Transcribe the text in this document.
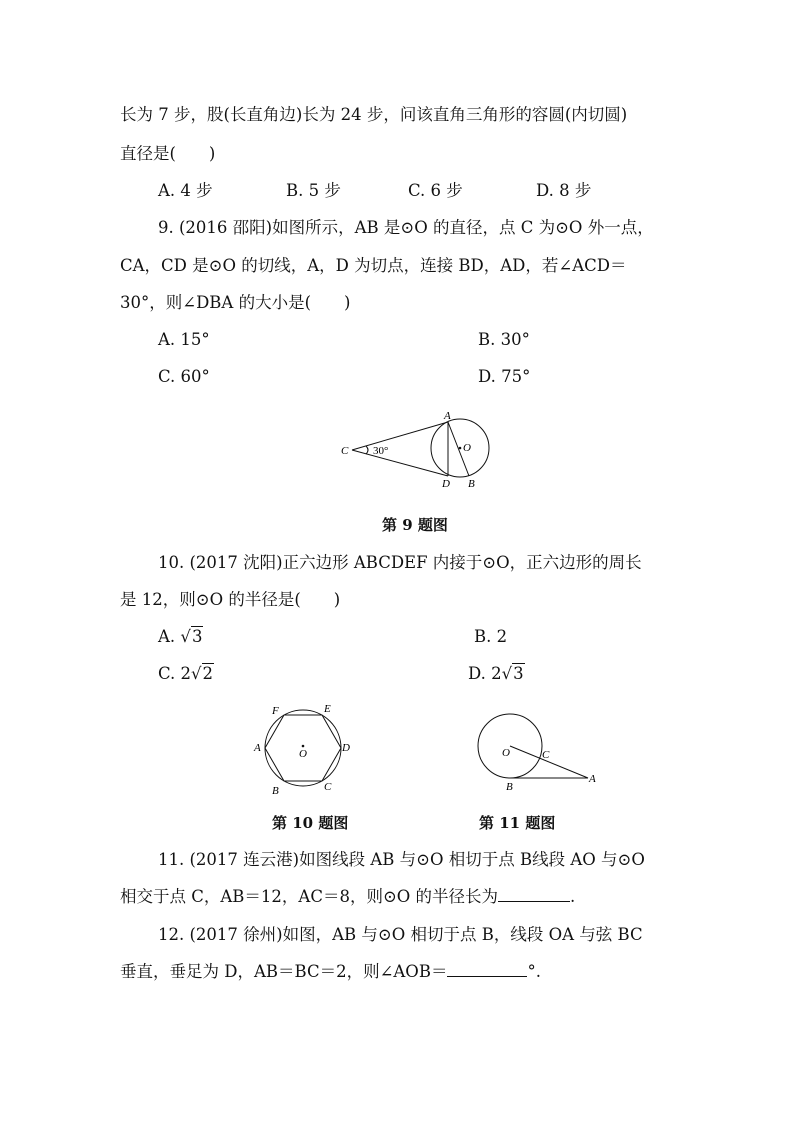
长为 7 步，股(长直角边)长为 24 步，问该直角三角形的容圆(内切圆)
直径是(　　)
A. 4 步	B. 5 步	C. 6 步	D. 8 步
9. (2016 邵阳)如图所示，AB 是⊙O 的直径，点 C 为⊙O 外一点，
CA，CD 是⊙O 的切线，A，D 为切点，连接 BD，AD，若∠ACD＝
30°，则∠DBA 的大小是(　　)
A. 15°	B. 30°
C. 60°	D. 75°
A
B
C
D
O
30°
第 9 题图
10. (2017 沈阳)正六边形 ABCDEF 内接于⊙O，正六边形的周长
是 12，则⊙O 的半径是(　　)
A. √3	B. 2
C. 2√2	D. 2√3
A
B	C
D
E
F
O
第 10 题图
O	C
B
A
第 11 题图
11. (2017 连云港)如图线段 AB 与⊙O 相切于点 B线段 AO 与⊙O
相交于点 C，AB＝12，AC＝8，则⊙O 的半径长为	.
12. (2017 徐州)如图，AB 与⊙O 相切于点 B，线段 OA 与弦 BC
垂直，垂足为 D，AB＝BC＝2，则∠AOB＝	°.
